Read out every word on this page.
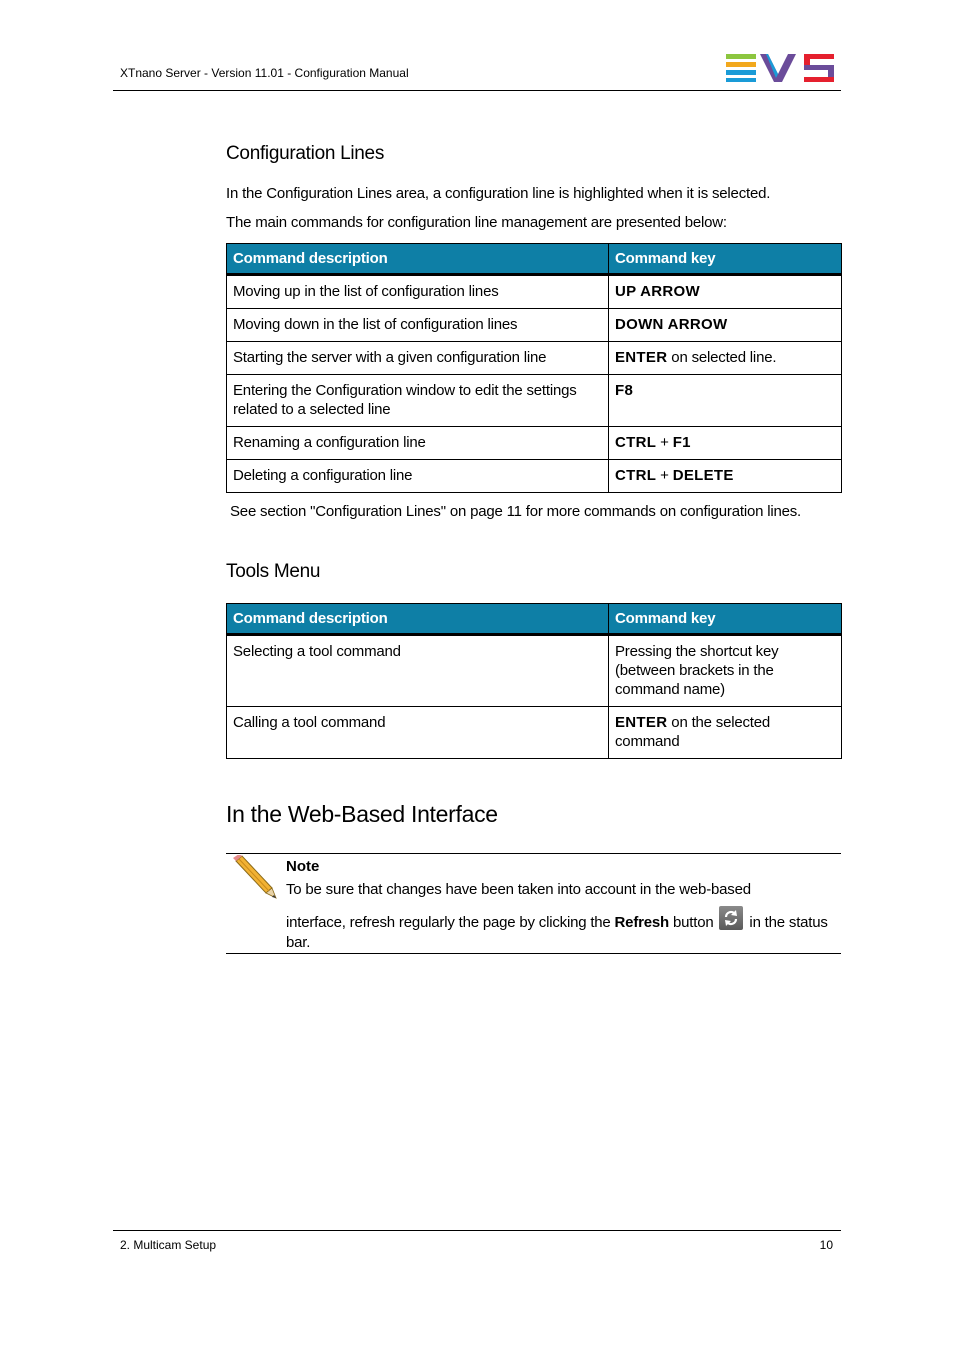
XTnano Server - Version 11.01 - Configuration Manual
Configuration Lines
In the Configuration Lines area, a configuration line is highlighted when it is selected.
The main commands for configuration line management are presented below:
Command description	Command key
Moving up in the list of configuration lines	UP ARROW
Moving down in the list of configuration lines	DOWN ARROW
Starting the server with a given configuration line	ENTER on selected line.
Entering the Configuration window to edit the settings related to a selected line	F8
Renaming a configuration line	CTRL + F1
Deleting a configuration line	CTRL + DELETE
See section "Configuration Lines" on page 11 for more commands on configuration lines.
Tools Menu
Command description	Command key
Selecting a tool command	Pressing the shortcut key (between brackets in the command name)
Calling a tool command	ENTER on the selected command
In the Web-Based Interface
Note
To be sure that changes have been taken into account in the web-based
interface, refresh regularly the page by clicking the Refresh button
in the status bar.
2. Multicam Setup	10
